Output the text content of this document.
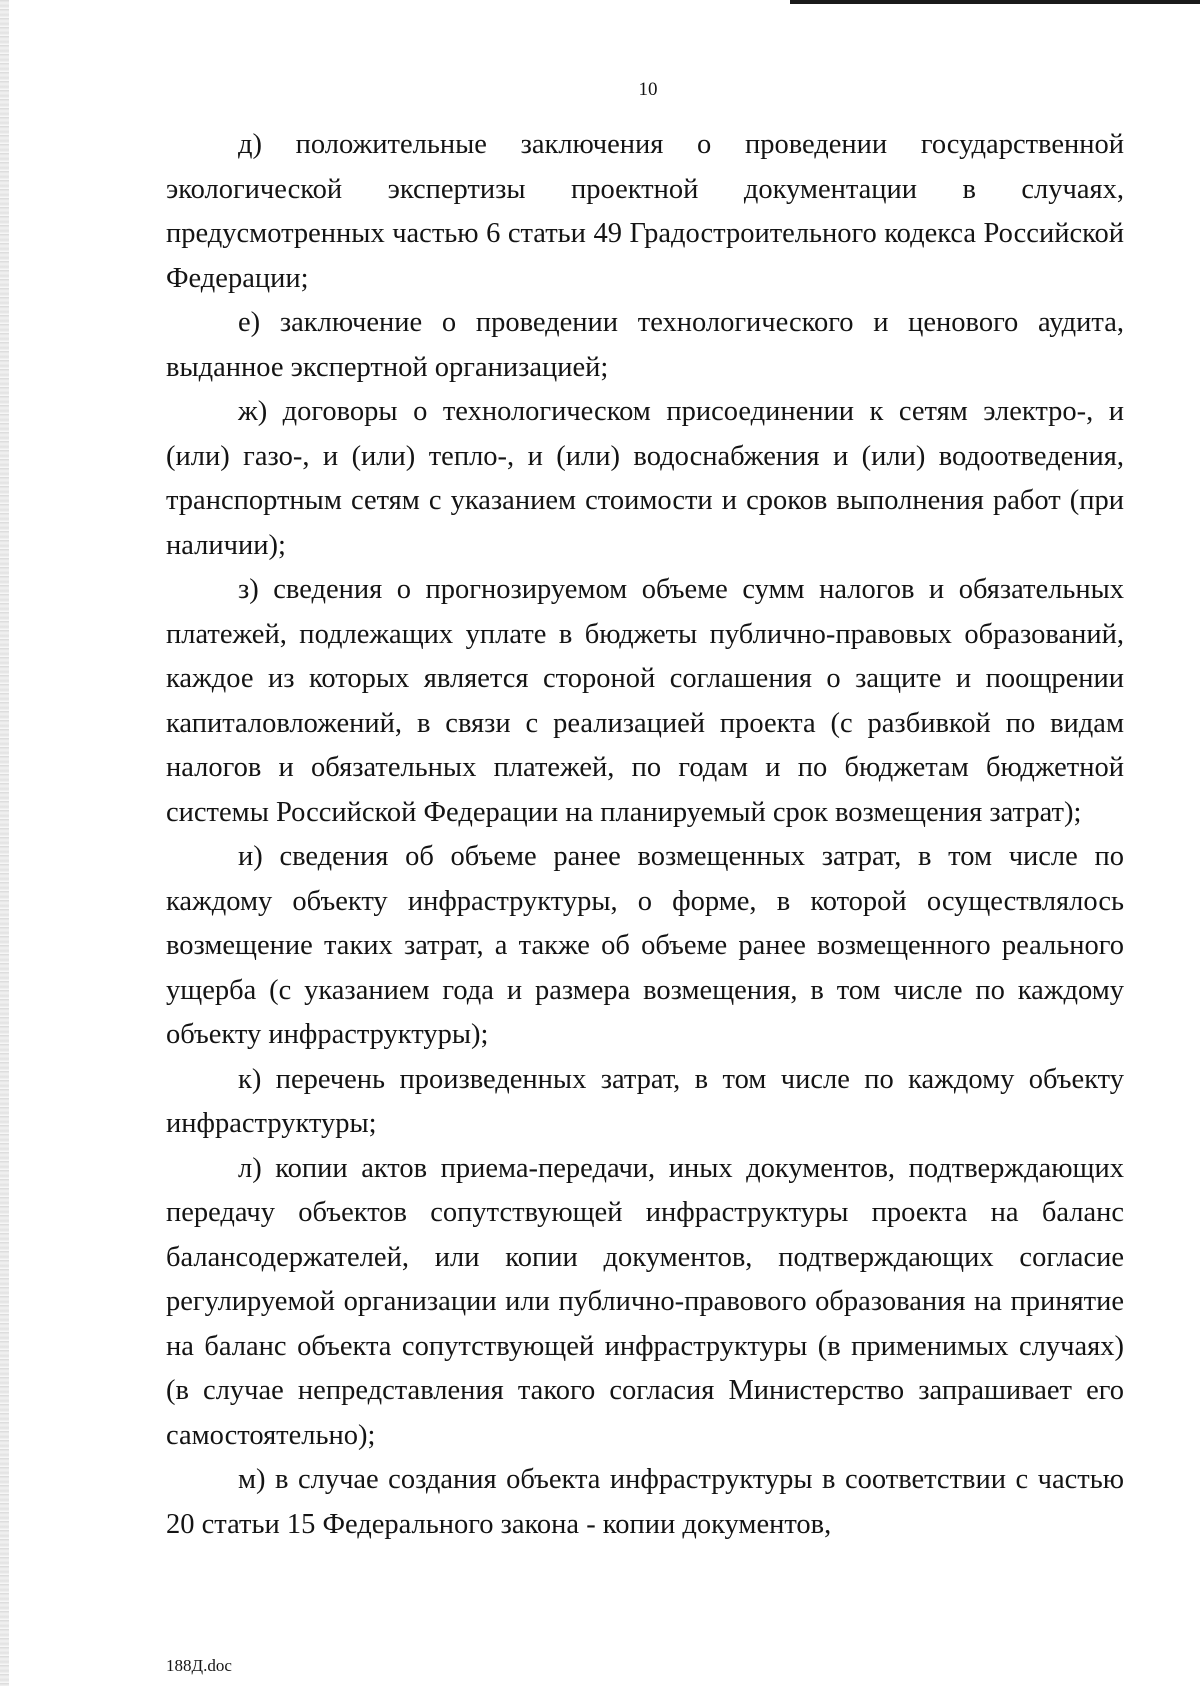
10

д) положительные заключения о проведении государственной экологической экспертизы проектной документации в случаях, предусмотренных частью 6 статьи 49 Градостроительного кодекса Российской Федерации;

е) заключение о проведении технологического и ценового аудита, выданное экспертной организацией;

ж) договоры о технологическом присоединении к сетям электро-, и (или) газо-, и (или) тепло-, и (или) водоснабжения и (или) водоотведения, транспортным сетям с указанием стоимости и сроков выполнения работ (при наличии);

з) сведения о прогнозируемом объеме сумм налогов и обязательных платежей, подлежащих уплате в бюджеты публично-правовых образований, каждое из которых является стороной соглашения о защите и поощрении капиталовложений, в связи с реализацией проекта (с разбивкой по видам налогов и обязательных платежей, по годам и по бюджетам бюджетной системы Российской Федерации на планируемый срок возмещения затрат);

и) сведения об объеме ранее возмещенных затрат, в том числе по каждому объекту инфраструктуры, о форме, в которой осуществлялось возмещение таких затрат, а также об объеме ранее возмещенного реального ущерба (с указанием года и размера возмещения, в том числе по каждому объекту инфраструктуры);

к) перечень произведенных затрат, в том числе по каждому объекту инфраструктуры;

л) копии актов приема-передачи, иных документов, подтверждающих передачу объектов сопутствующей инфраструктуры проекта на баланс балансодержателей, или копии документов, подтверждающих согласие регулируемой организации или публично-правового образования на принятие на баланс объекта сопутствующей инфраструктуры (в применимых случаях) (в случае непредставления такого согласия Министерство запрашивает его самостоятельно);

м) в случае создания объекта инфраструктуры в соответствии с частью 20 статьи 15 Федерального закона - копии документов,

188Д.doc
